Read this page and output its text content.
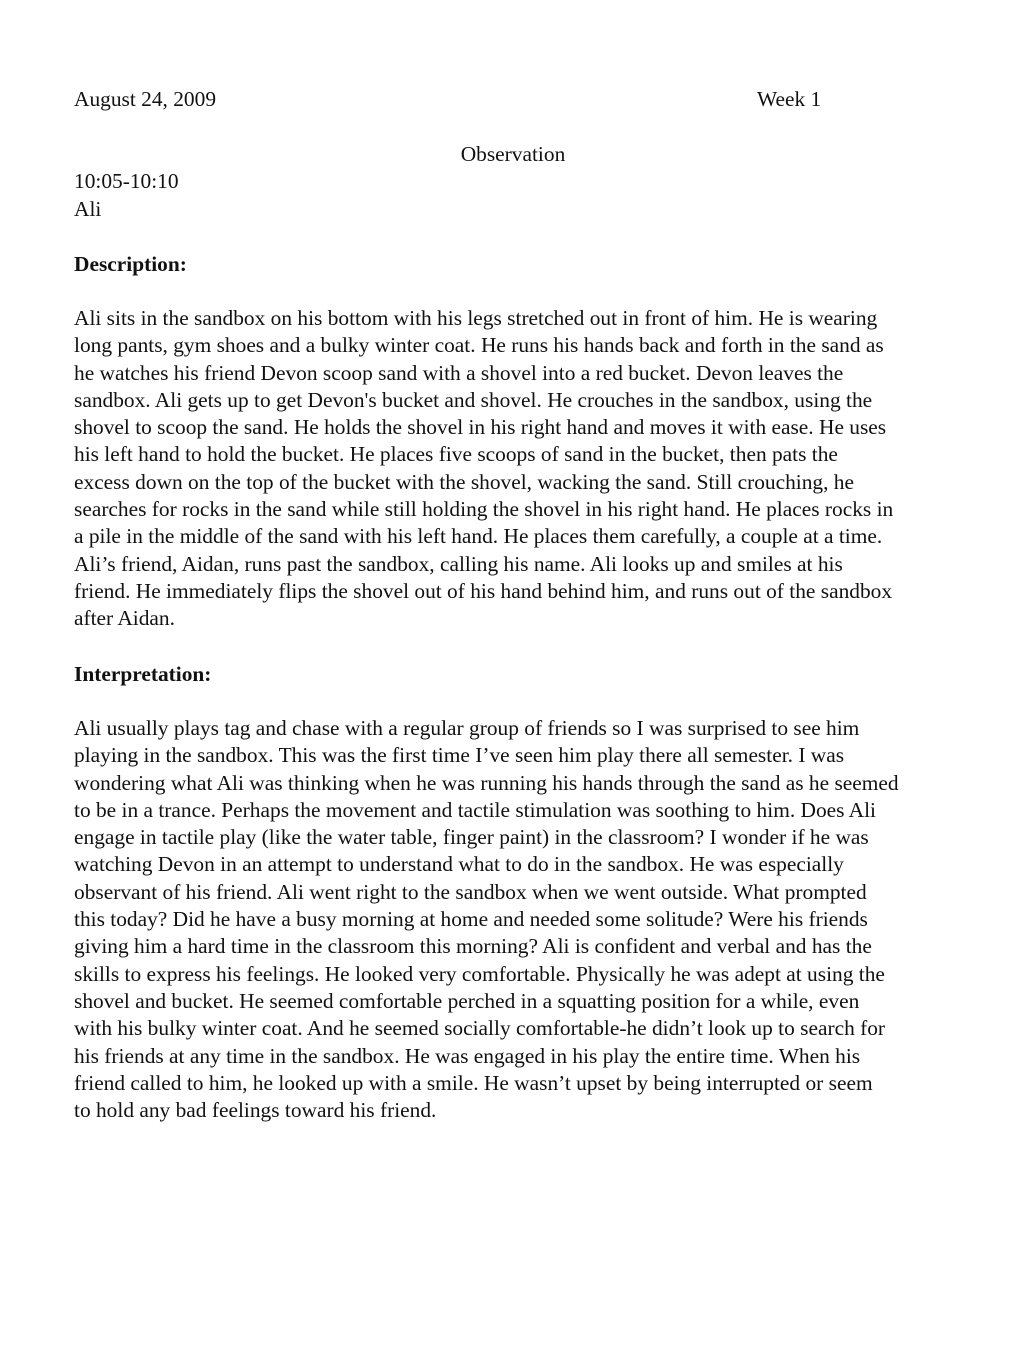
August 24, 2009	Week 1
Observation
10:05-10:10
Ali
Description:
Ali sits in the sandbox on his bottom with his legs stretched out in front of him. He is wearing
long pants, gym shoes and a bulky winter coat. He runs his hands back and forth in the sand as
he watches his friend Devon scoop sand with a shovel into a red bucket. Devon leaves the
sandbox. Ali gets up to get Devon's bucket and shovel. He crouches in the sandbox, using the
shovel to scoop the sand. He holds the shovel in his right hand and moves it with ease. He uses
his left hand to hold the bucket. He places five scoops of sand in the bucket, then pats the
excess down on the top of the bucket with the shovel, wacking the sand. Still crouching, he
searches for rocks in the sand while still holding the shovel in his right hand. He places rocks in
a pile in the middle of the sand with his left hand. He places them carefully, a couple at a time.
Ali’s friend, Aidan, runs past the sandbox, calling his name. Ali looks up and smiles at his
friend. He immediately flips the shovel out of his hand behind him, and runs out of the sandbox
after Aidan.
Interpretation:
Ali usually plays tag and chase with a regular group of friends so I was surprised to see him
playing in the sandbox. This was the first time I’ve seen him play there all semester. I was
wondering what Ali was thinking when he was running his hands through the sand as he seemed
to be in a trance. Perhaps the movement and tactile stimulation was soothing to him. Does Ali
engage in tactile play (like the water table, finger paint) in the classroom? I wonder if he was
watching Devon in an attempt to understand what to do in the sandbox. He was especially
observant of his friend. Ali went right to the sandbox when we went outside. What prompted
this today? Did he have a busy morning at home and needed some solitude? Were his friends
giving him a hard time in the classroom this morning? Ali is confident and verbal and has the
skills to express his feelings. He looked very comfortable. Physically he was adept at using the
shovel and bucket. He seemed comfortable perched in a squatting position for a while, even
with his bulky winter coat. And he seemed socially comfortable-he didn’t look up to search for
his friends at any time in the sandbox. He was engaged in his play the entire time. When his
friend called to him, he looked up with a smile. He wasn’t upset by being interrupted or seem
to hold any bad feelings toward his friend.
